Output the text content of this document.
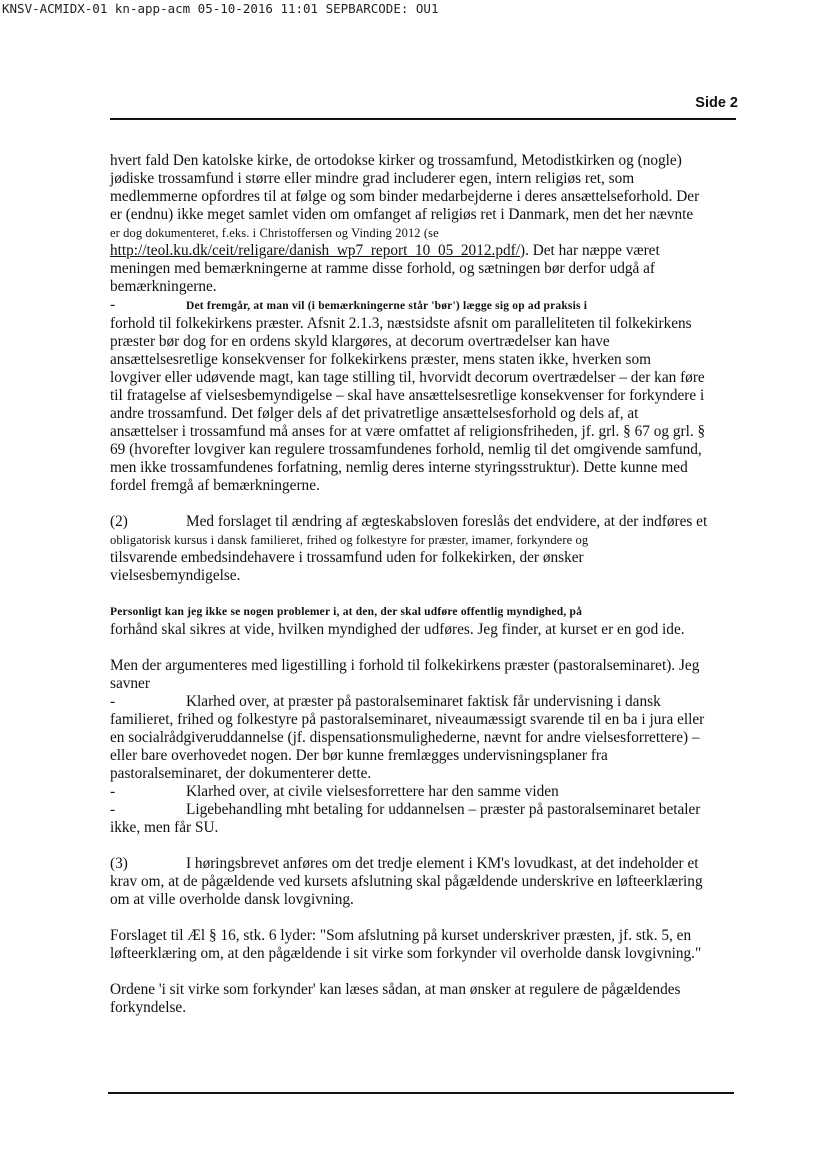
KNSV-ACMIDX-01 kn-app-acm 05-10-2016 11:01 SEPBARCODE: OU1
Side 2

hvert fald Den katolske kirke, de ortodokse kirker og trossamfund, Metodistkirken og (nogle)

jødiske trossamfund i større eller mindre grad includerer egen, intern religiøs ret, som

medlemmerne opfordres til at følge og som binder medarbejderne i deres ansættelseforhold. Der

er (endnu) ikke meget samlet viden om omfanget af religiøs ret i Danmark, men det her nævnte

er dog dokumenteret, f.eks. i Christoffersen og Vinding 2012 (se

http://teol.ku.dk/ceit/religare/danish_wp7_report_10_05_2012.pdf/). Det har næppe været

meningen med bemærkningerne at ramme disse forhold, og sætningen bør derfor udgå af

bemærkningerne.

-	Det fremgår, at man vil (i bemærkningerne står 'bør') lægge sig op ad praksis i

forhold til folkekirkens præster. Afsnit 2.1.3, næstsidste afsnit om paralleliteten til folkekirkens

præster bør dog for en ordens skyld klargøres, at decorum overtrædelser kan have

ansættelsesretlige konsekvenser for folkekirkens præster, mens staten ikke, hverken som

lovgiver eller udøvende magt, kan tage stilling til, hvorvidt decorum overtrædelser – der kan føre

til fratagelse af vielsesbemyndigelse – skal have ansættelsesretlige konsekvenser for forkyndere i

andre trossamfund. Det følger dels af det privatretlige ansættelsesforhold og dels af, at

ansættelser i trossamfund må anses for at være omfattet af religionsfriheden, jf. grl. § 67 og grl. §

69 (hvorefter lovgiver kan regulere trossamfundenes forhold, nemlig til det omgivende samfund,

men ikke trossamfundenes forfatning, nemlig deres interne styringsstruktur). Dette kunne med

fordel fremgå af bemærkningerne.

(2)	Med forslaget til ændring af ægteskabsloven foreslås det endvidere, at der indføres et

obligatorisk kursus i dansk familieret, frihed og folkestyre for præster, imamer, forkyndere og

tilsvarende embedsindehavere i trossamfund uden for folkekirken, der ønsker

vielsesbemyndigelse.

Personligt kan jeg ikke se nogen problemer i, at den, der skal udføre offentlig myndighed, på

forhånd skal sikres at vide, hvilken myndighed der udføres. Jeg finder, at kurset er en god ide.

Men der argumenteres med ligestilling i forhold til folkekirkens præster (pastoralseminaret). Jeg

savner

-	Klarhed over, at præster på pastoralseminaret faktisk får undervisning i dansk

familieret, frihed og folkestyre på pastoralseminaret, niveaumæssigt svarende til en ba i jura eller

en socialrådgiveruddannelse (jf. dispensationsmulighederne, nævnt for andre vielsesforrettere) –

eller bare overhovedet nogen. Der bør kunne fremlægges undervisningsplaner fra

pastoralseminaret, der dokumenterer dette.

-	Klarhed over, at civile vielsesforrettere har den samme viden

-	Ligebehandling mht betaling for uddannelsen – præster på pastoralseminaret betaler

ikke, men får SU.

(3)	I høringsbrevet anføres om det tredje element i KM's lovudkast, at det indeholder et

krav om, at de pågældende ved kursets afslutning skal pågældende underskrive en løfteerklæring

om at ville overholde dansk lovgivning.

Forslaget til Æl § 16, stk. 6 lyder: "Som afslutning på kurset underskriver præsten, jf. stk. 5, en

løfteerklæring om, at den pågældende i sit virke som forkynder vil overholde dansk lovgivning."

Ordene 'i sit virke som forkynder' kan læses sådan, at man ønsker at regulere de pågældendes

forkyndelse.
